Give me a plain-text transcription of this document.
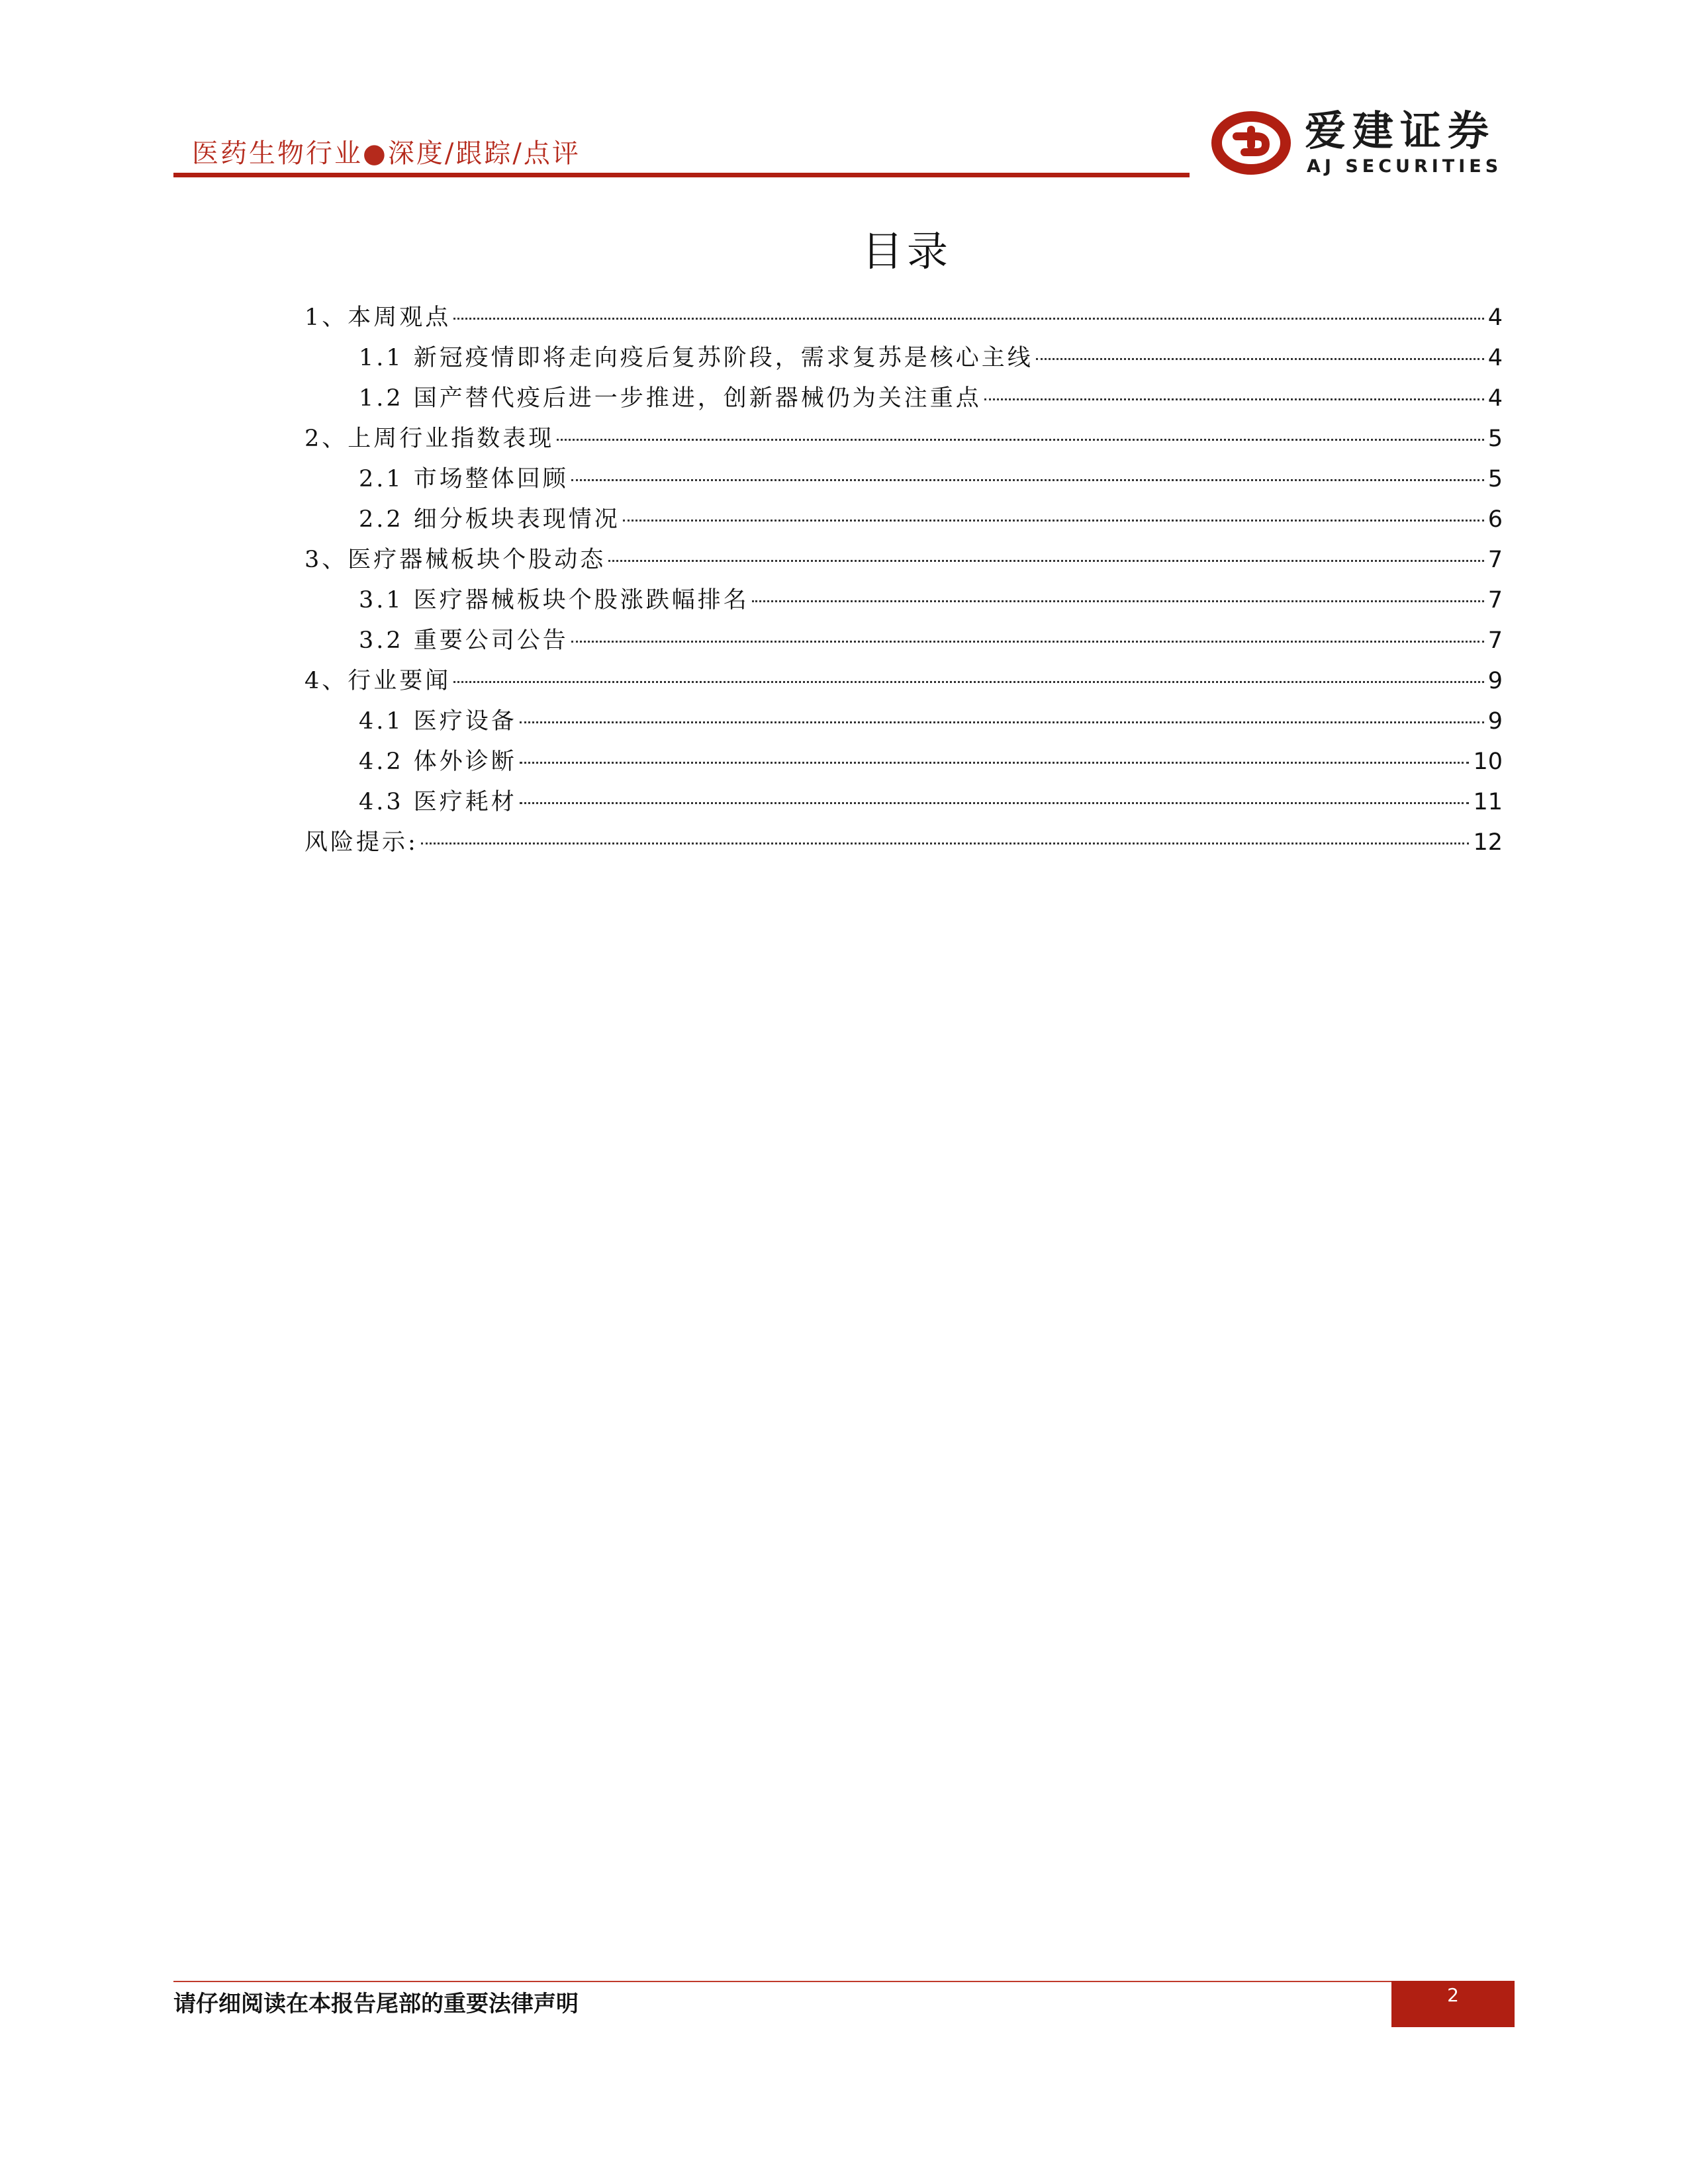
医药生物行业●深度/跟踪/点评	爱建证券
AJ SECURITIES
目录
1、本周观点	4
1.1 新冠疫情即将走向疫后复苏阶段，需求复苏是核心主线	4
1.2 国产替代疫后进一步推进，创新器械仍为关注重点	4
2、上周行业指数表现	5
2.1 市场整体回顾	5
2.2 细分板块表现情况	6
3、医疗器械板块个股动态	7
3.1 医疗器械板块个股涨跌幅排名	7
3.2 重要公司公告	7
4、行业要闻	9
4.1 医疗设备	9
4.2 体外诊断	10
4.3 医疗耗材	11
风险提示:	12
请仔细阅读在本报告尾部的重要法律声明	2
